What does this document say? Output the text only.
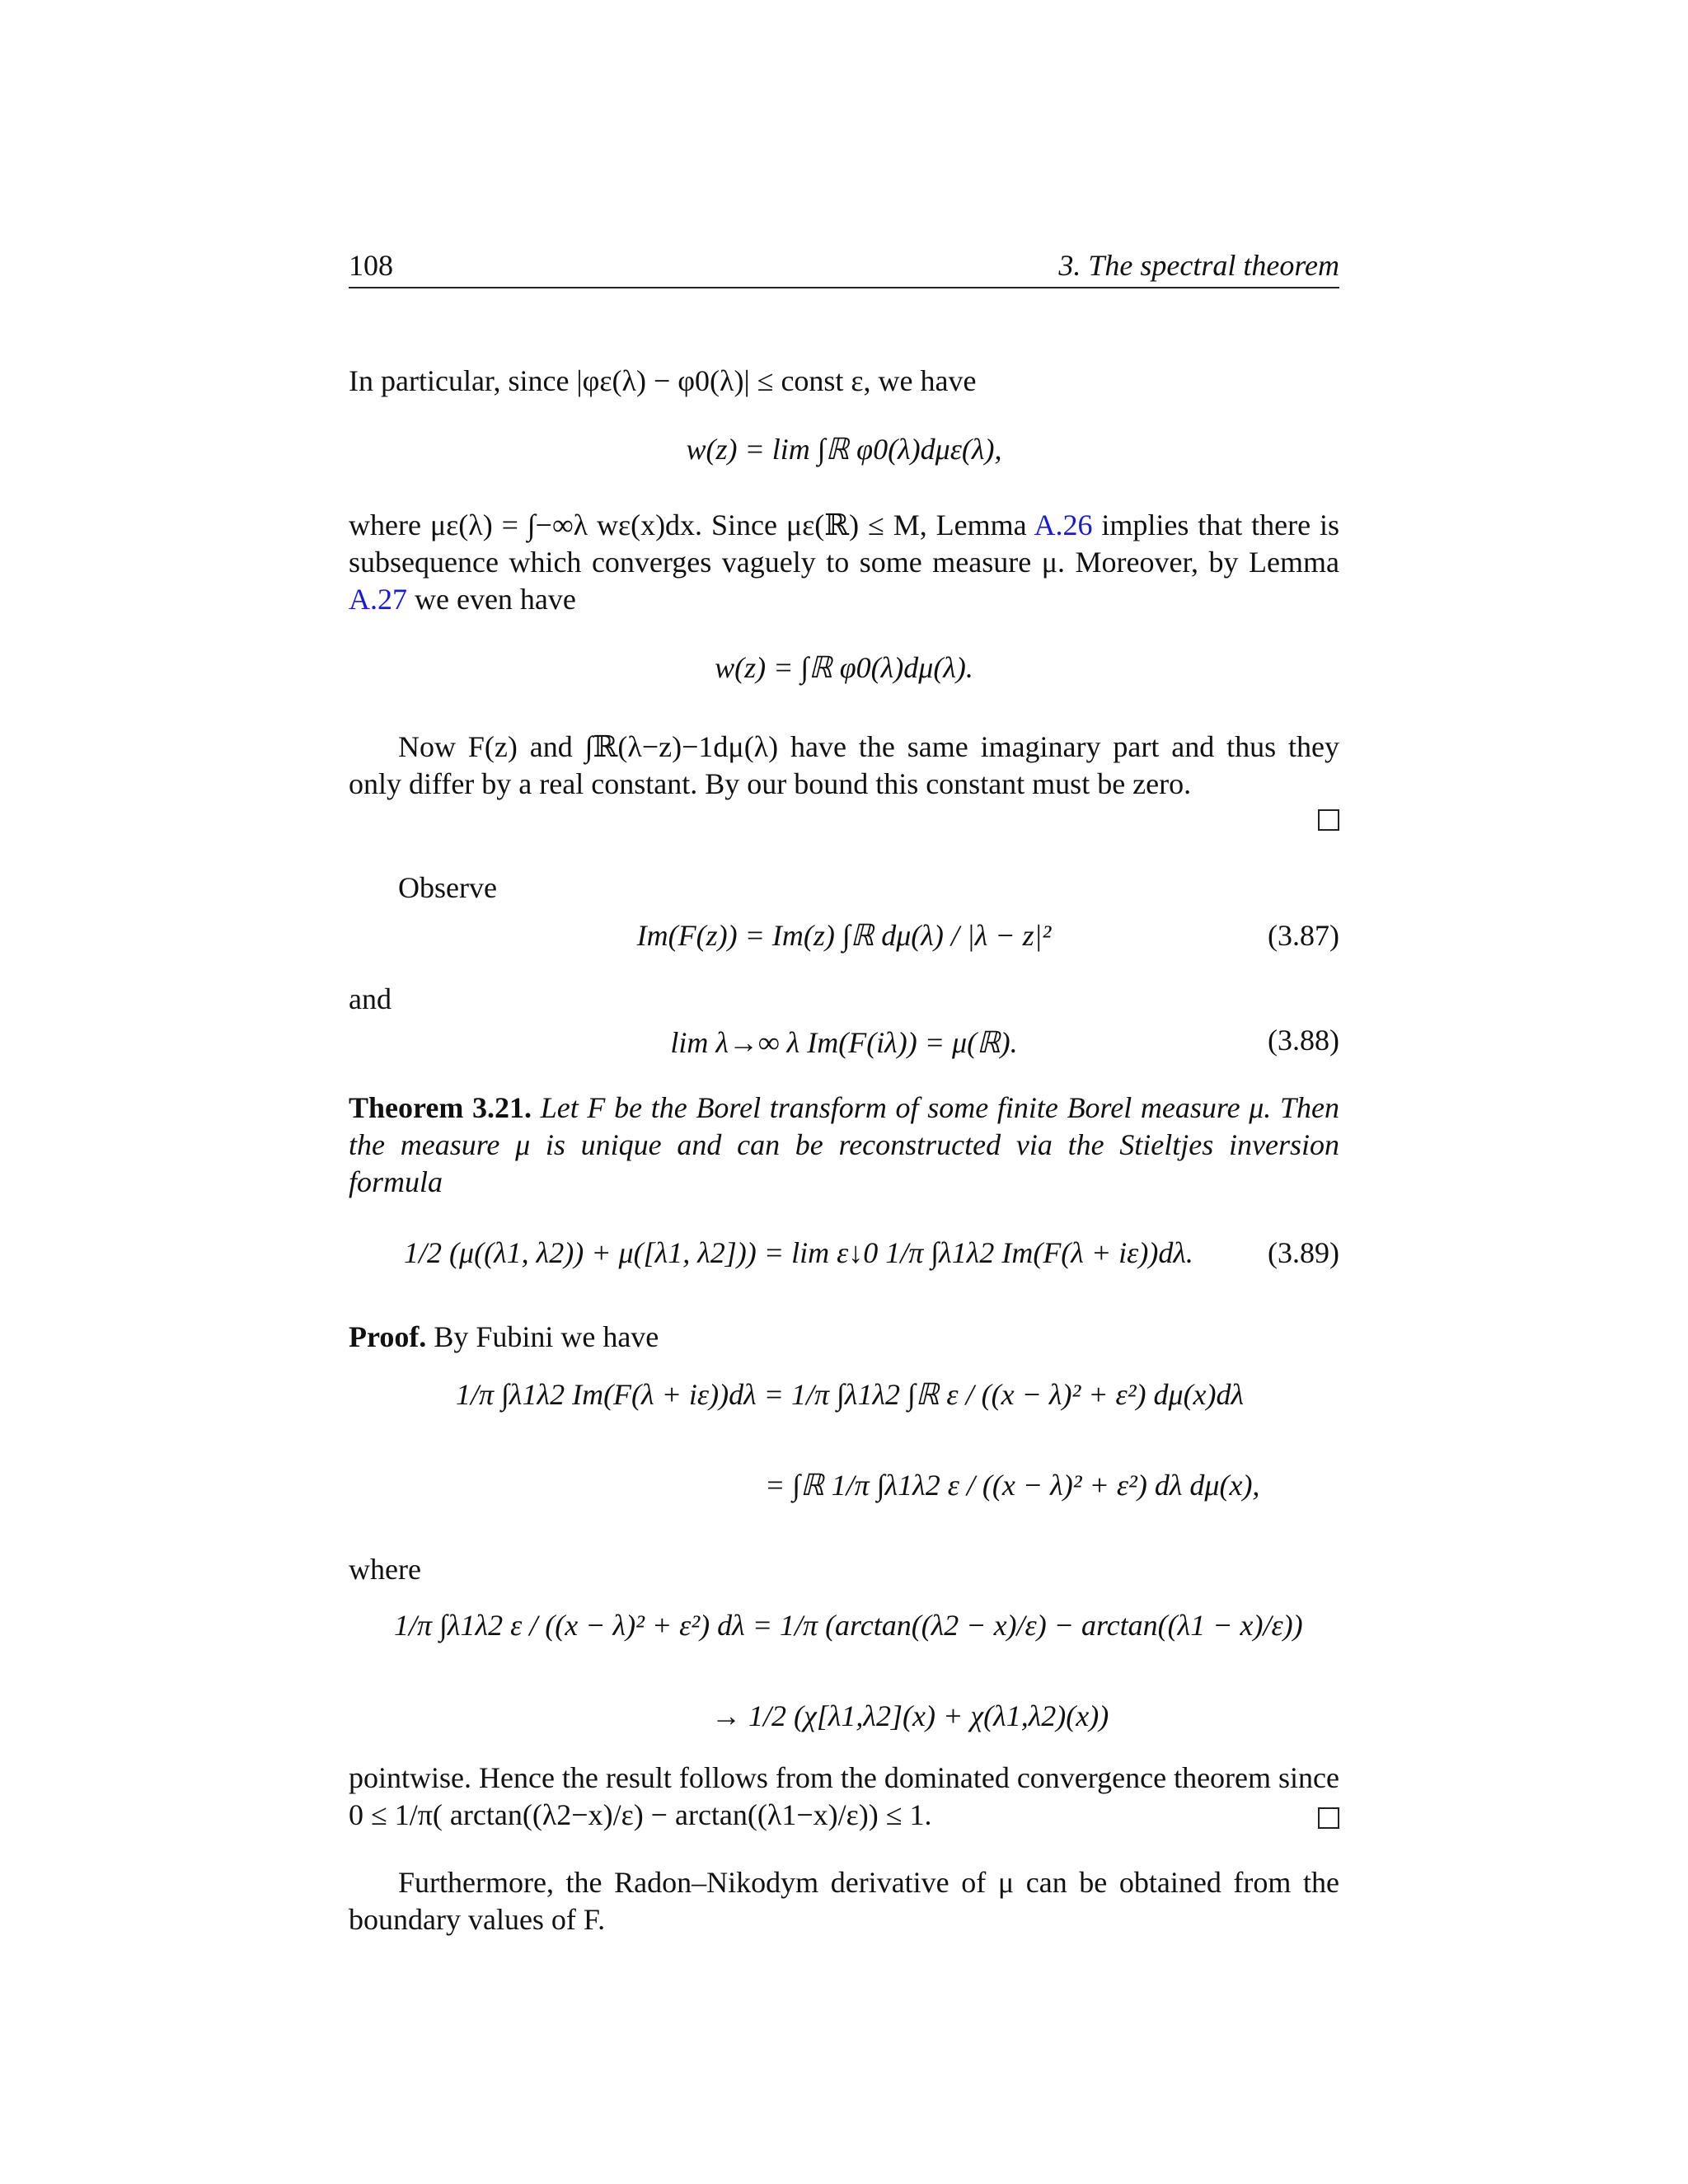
108	3. The spectral theorem
In particular, since |φε(λ) − φ0(λ)| ≤ const ε, we have
w(z) = lim ∫ℝ φ0(λ)dμε(λ),
where με(λ) = ∫−∞λ wε(x)dx. Since με(ℝ) ≤ M, Lemma A.26 implies that there is subsequence which converges vaguely to some measure μ. Moreover, by Lemma A.27 we even have
w(z) = ∫ℝ φ0(λ)dμ(λ).
Now F(z) and ∫ℝ(λ−z)−1dμ(λ) have the same imaginary part and thus they only differ by a real constant. By our bound this constant must be zero.
Observe
Im(F(z)) = Im(z) ∫ℝ dμ(λ) / |λ − z|²	(3.87)
and
lim λ→∞ λ Im(F(iλ)) = μ(ℝ).	(3.88)
Theorem 3.21. Let F be the Borel transform of some finite Borel measure μ. Then the measure μ is unique and can be reconstructed via the Stieltjes inversion formula
1/2 (μ((λ1, λ2)) + μ([λ1, λ2])) = lim ε↓0 1/π ∫λ1λ2 Im(F(λ + iε))dλ.	(3.89)
Proof. By Fubini we have
1/π ∫λ1λ2 Im(F(λ + iε))dλ = 1/π ∫λ1λ2 ∫ℝ ε / ((x − λ)² + ε²) dμ(x)dλ
= ∫ℝ 1/π ∫λ1λ2 ε / ((x − λ)² + ε²) dλ dμ(x),
where
1/π ∫λ1λ2 ε / ((x − λ)² + ε²) dλ = 1/π (arctan((λ2 − x)/ε) − arctan((λ1 − x)/ε))
→ 1/2 (χ[λ1,λ2](x) + χ(λ1,λ2)(x))
pointwise. Hence the result follows from the dominated convergence theorem since 0 ≤ 1/π( arctan((λ2−x)/ε) − arctan((λ1−x)/ε)) ≤ 1.
Furthermore, the Radon–Nikodym derivative of μ can be obtained from the boundary values of F.
